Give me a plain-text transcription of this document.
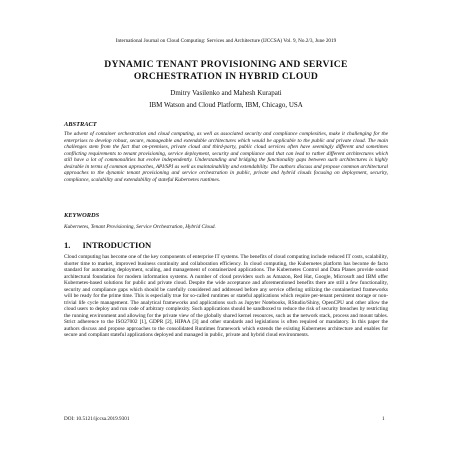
International Journal on Cloud Computing: Services and Architecture (IJCCSA) Vol. 9, No.2/3, June 2019
DYNAMIC TENANT PROVISIONING AND SERVICE
ORCHESTRATION IN HYBRID CLOUD
Dmitry Vasilenko and Mahesh Kurapati
IBM Watson and Cloud Platform, IBM, Chicago, USA
ABSTRACT
The advent of container orchestration and cloud computing, as well as associated security and compliance complexities, make it challenging for the enterprises to develop robust, secure, manageable and extendable architectures which would be applicable to the public and private cloud. The main challenges stem from the fact that on-premises, private cloud and third-party, public cloud services often have seemingly different and sometimes conflicting requirements to tenant provisioning, service deployment, security and compliance and that can lead to rather different architectures which still have a lot of commonalities but evolve independently. Understanding and bridging the functionality gaps between such architectures is highly desirable in terms of common approaches, API/SPI as well as maintainability and extendability. The authors discuss and propose common architectural approaches to the dynamic tenant provisioning and service orchestration in public, private and hybrid clouds focusing on deployment, security, compliance, scalability and extendability of stateful Kubernetes runtimes.
KEYWORDS
Kubernetes, Tenant Provisioning, Service Orchestration, Hybrid Cloud.
1. INTRODUCTION
Cloud computing has become one of the key components of enterprise IT systems. The benefits of cloud computing include reduced IT costs, scalability, shorter time to market, improved business continuity and collaboration efficiency. In cloud computing, the Kubernetes platform has become de facto standard for automating deployment, scaling, and management of containerized applications. The Kubernetes Control and Data Planes provide sound architectural foundation for modern information systems. A number of cloud providers such as Amazon, Red Hat, Google, Microsoft and IBM offer Kubernetes-based solutions for public and private cloud. Despite the wide acceptance and aforementioned benefits there are still a few functionality, security and compliance gaps which should be carefully considered and addressed before any service offering utilizing the containerized frameworks will be ready for the prime time. This is especially true for so-called runtimes or stateful applications which require per-tenant persistent storage or non-trivial life cycle management. The analytical frameworks and applications such as Jupyter Notebooks, RStudio/Shiny, OpenCPU and other allow the cloud users to deploy and run code of arbitrary complexity. Such applications should be sandboxed to reduce the risk of security breaches by restricting the running environment and allowing for the private view of the globally shared kernel resources, such as the network stack, process and mount tables. Strict adherence to the ISO27002 [1], GDPR [2], HIPAA [3] and other standards and legislations is often required or mandatory. In this paper the authors discuss and propose approaches to the consolidated Runtimes framework which extends the existing Kubernetes architecture and enables for secure and compliant stateful applications deployed and managed in public, private and hybrid cloud environments.
DOI: 10.5121/ijccsa.2019.9301	1
